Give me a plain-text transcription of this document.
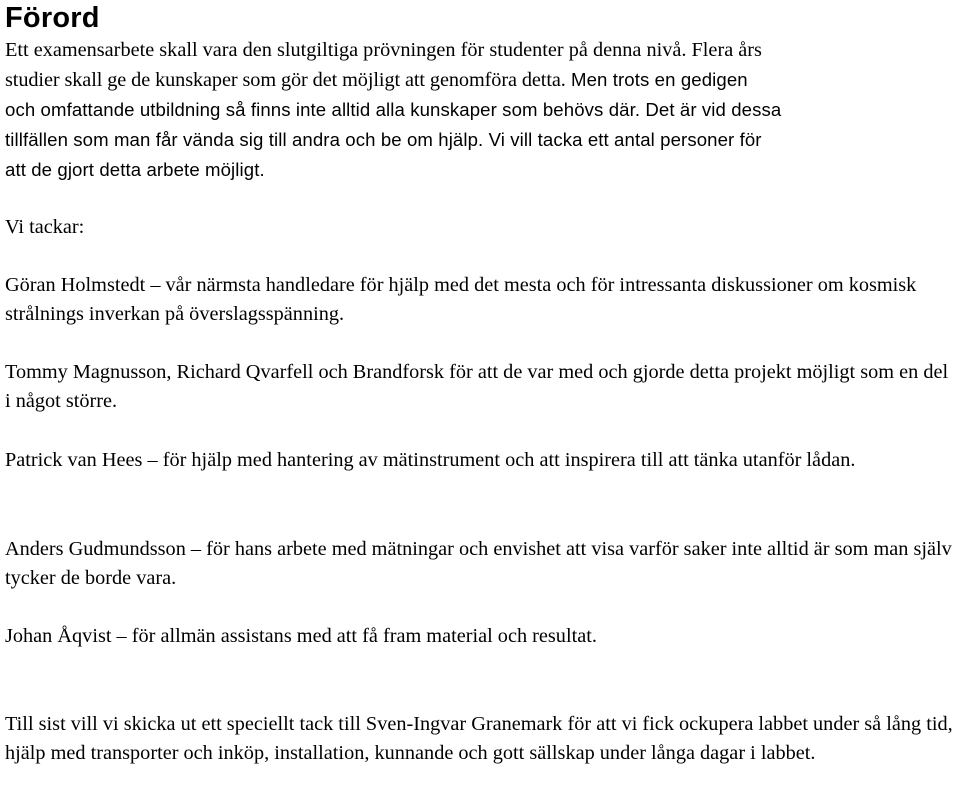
Förord

Ett examensarbete skall vara den slutgiltiga prövningen för studenter på denna nivå. Flera års
studier skall ge de kunskaper som gör det möjligt att genomföra detta. Men trots en gedigen
och omfattande utbildning så finns inte alltid alla kunskaper som behövs där. Det är vid dessa
tillfällen som man får vända sig till andra och be om hjälp. Vi vill tacka ett antal personer för
att de gjort detta arbete möjligt.

Vi tackar:

Göran Holmstedt – vår närmsta handledare för hjälp med det mesta och för intressanta diskussioner om kosmisk strålnings inverkan på överslagsspänning.

Tommy Magnusson, Richard Qvarfell och Brandforsk för att de var med och gjorde detta projekt möjligt som en del i något större.

Patrick van Hees – för hjälp med hantering av mätinstrument och att inspirera till att tänka utanför lådan.

Anders Gudmundsson – för hans arbete med mätningar och envishet att visa varför saker inte alltid är som man själv tycker de borde vara.

Johan Åqvist – för allmän assistans med att få fram material och resultat.

Till sist vill vi skicka ut ett speciellt tack till Sven-Ingvar Granemark för att vi fick ockupera labbet under så lång tid, hjälp med transporter och inköp, installation, kunnande och gott sällskap under långa dagar i labbet.
